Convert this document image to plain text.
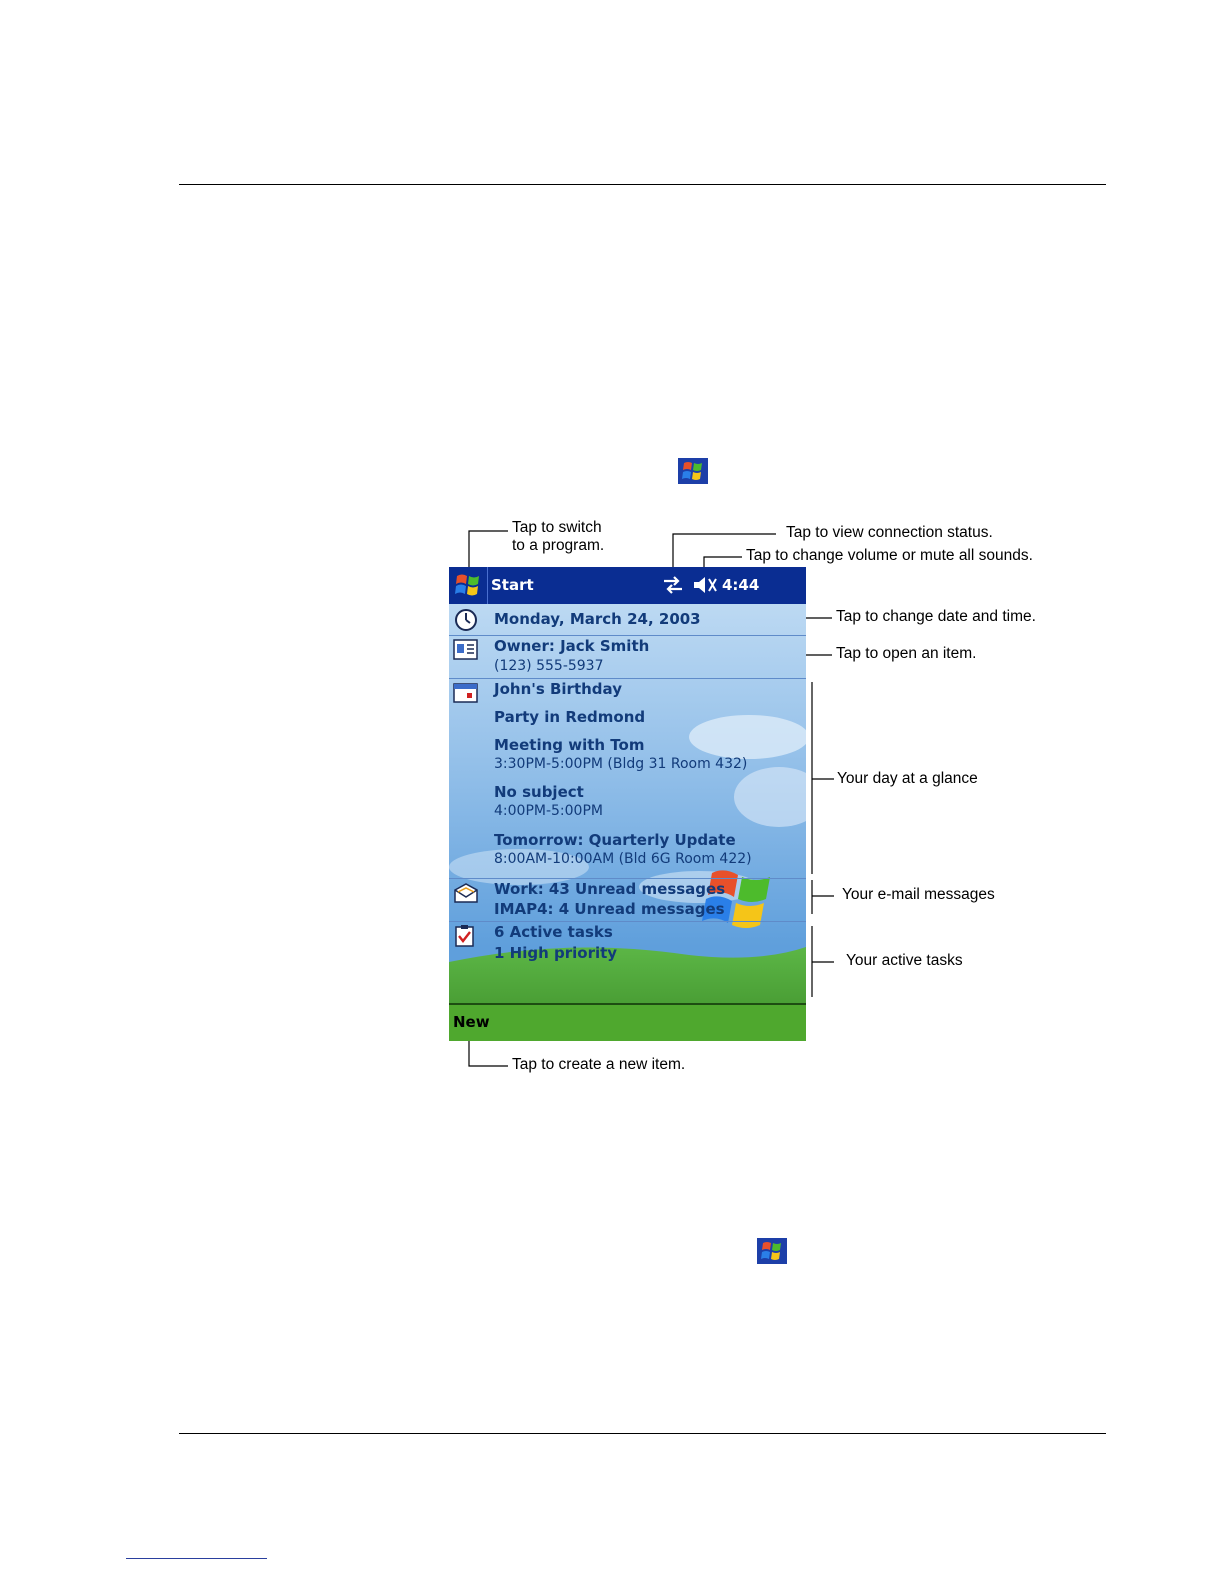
Tap to switch
to a program.
Tap to view connection status.
Tap to change volume or mute all sounds.
Tap to change date and time.
Tap to open an item.
Your day at a glance
Your e-mail messages
Your active tasks
Tap to create a new item.
Start	4:44
Monday, March 24, 2003
Owner: Jack Smith
(123) 555-5937
John's Birthday
Party in Redmond
Meeting with Tom
3:30PM-5:00PM (Bldg 31 Room 432)
No subject
4:00PM-5:00PM
Tomorrow: Quarterly Update
8:00AM-10:00AM (Bld 6G Room 422)
Work: 43 Unread messages
IMAP4: 4 Unread messages
6 Active tasks
1 High priority
New
